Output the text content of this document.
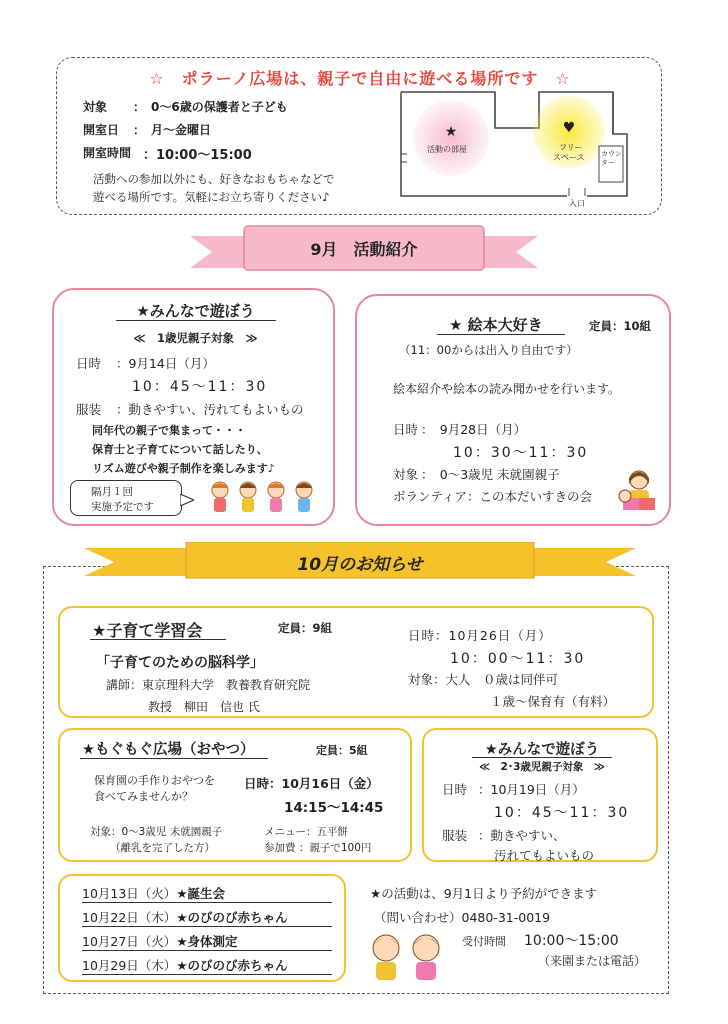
☆　ポラーノ広場は、親子で自由に遊べる場所です　☆
対象 ：　0～6歳の保護者と子ども
開室日 ：　月～金曜日
開室時間 ：10:00～15:00
活動への参加以外にも、好きなおもちゃなどで
遊べる場所です。気軽にお立ち寄りください♪
★	♥
活動の部屋	フリー
スペース カウンター
入口
9月　活動紹介
★みんなで遊ぼう
≪　1歳児親子対象　≫
日時 ：9月14日（月）
10：45～11：30
服装 ：動きやすい、汚れてもよいもの
同年代の親子で集まって・・・
保育士と子育てについて話したり、
リズム遊びや親子制作を楽しみます♪
隔月１回
実施予定です
★ 絵本大好き	定員：10組
（11：00からは出入り自由です）
絵本紹介や絵本の読み聞かせを行います。
日時 ：　9月28日（月）
10：30～11：30
対象 ：　0～3歳児 未就園親子
ボランティア：この本だいすきの会
10月のお知らせ
★子育て学習会	定員：9組
「子育てのための脳科学」
講師：東京理科大学　教養教育研究院
教授　柳田　信也 氏
日時：10月26日（月）
10：00～11：30
対象：大人　０歳は同伴可
１歳～保育有（有料）
★もぐもぐ広場（おやつ）	定員：5組
保育園の手作りおやつを
食べてみませんか？
日時：10月16日（金）
14:15～14:45
対象：0～3歳児 未就園親子
（離乳を完了した方）
メニュー：五平餅
参加費 ：親子で100円
★みんなで遊ぼう
≪　2･3歳児親子対象　≫
日時 ：10月19日（月）
10：45～11：30
服装 ：動きやすい、
汚れてもよいもの
10月13日（火）★誕生会
10月22日（木）★のびのび赤ちゃん
10月27日（火）★身体測定
10月29日（木）★のびのび赤ちゃん
★の活動は、9月1日より予約ができます
（問い合わせ）0480-31-0019
受付時間 10:00～15:00
（来園または電話）
